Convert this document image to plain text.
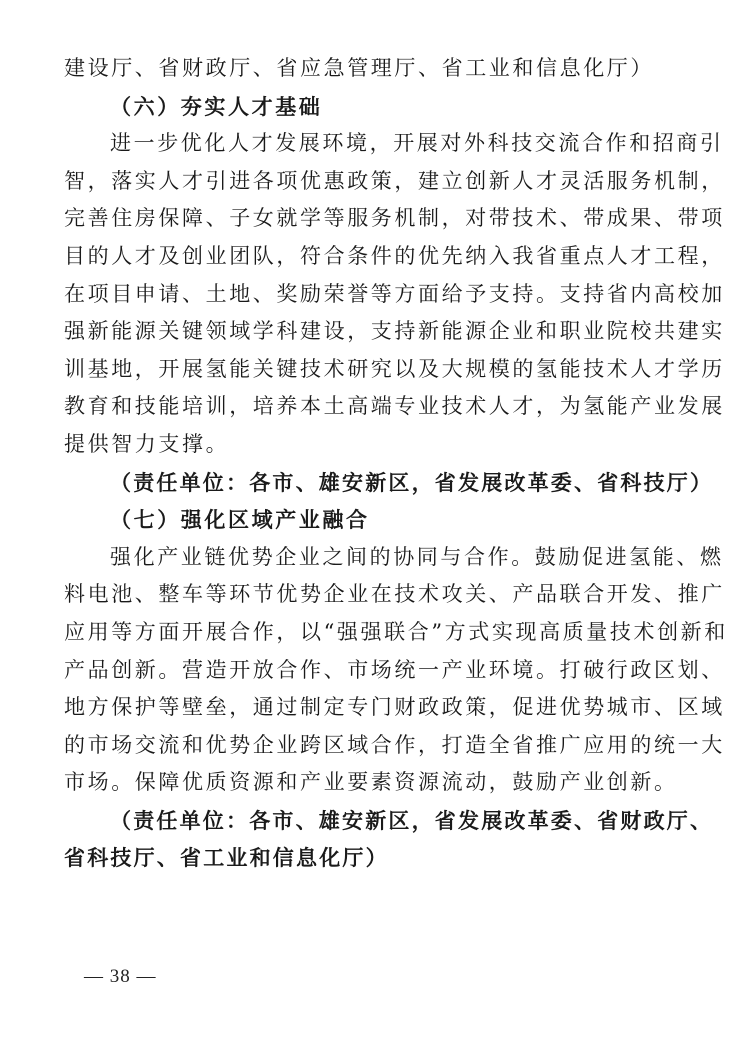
建设厅、省财政厅、省应急管理厅、省工业和信息化厅）
（六）夯实人才基础
进一步优化人才发展环境，开展对外科技交流合作和招商引
智，落实人才引进各项优惠政策，建立创新人才灵活服务机制，
完善住房保障、子女就学等服务机制，对带技术、带成果、带项
目的人才及创业团队，符合条件的优先纳入我省重点人才工程，
在项目申请、土地、奖励荣誉等方面给予支持。支持省内高校加
强新能源关键领域学科建设，支持新能源企业和职业院校共建实
训基地，开展氢能关键技术研究以及大规模的氢能技术人才学历
教育和技能培训，培养本土高端专业技术人才，为氢能产业发展
提供智力支撑。
（责任单位：各市、雄安新区，省发展改革委、省科技厅）
（七）强化区域产业融合
强化产业链优势企业之间的协同与合作。鼓励促进氢能、燃
料电池、整车等环节优势企业在技术攻关、产品联合开发、推广
应用等方面开展合作，以“强强联合”方式实现高质量技术创新和
产品创新。营造开放合作、市场统一产业环境。打破行政区划、
地方保护等壁垒，通过制定专门财政政策，促进优势城市、区域
的市场交流和优势企业跨区域合作，打造全省推广应用的统一大
市场。保障优质资源和产业要素资源流动，鼓励产业创新。
（责任单位：各市、雄安新区，省发展改革委、省财政厅、
省科技厅、省工业和信息化厅）
— 38 —
